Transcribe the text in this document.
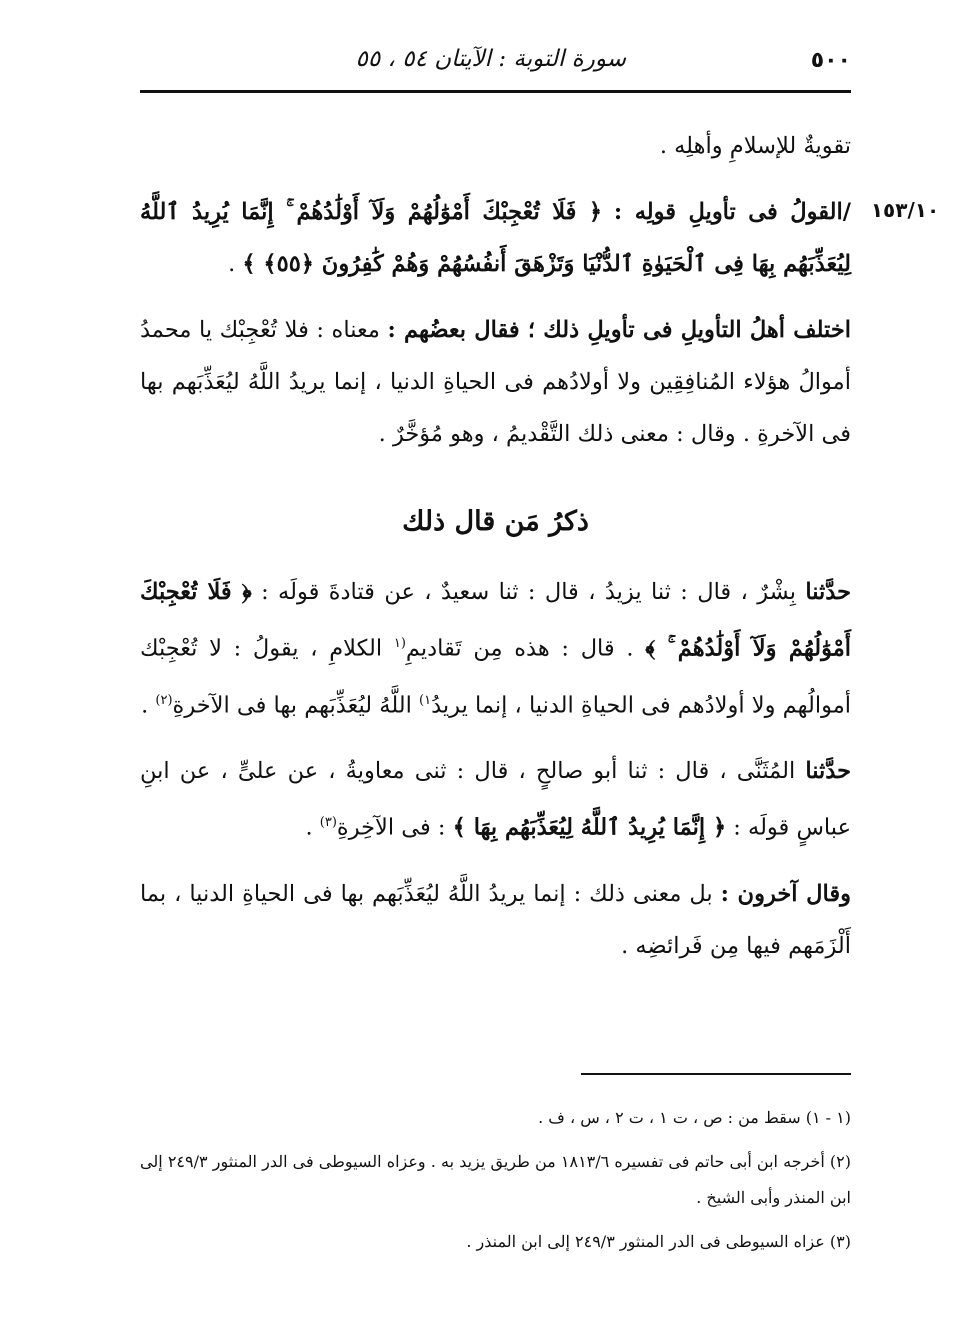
٥٠٠
سورة التوبة : الآيتان ٥٤ ، ٥٥
١٥٣/١٠

تقويةٌ للإسلامِ وأهلِه .

/القولُ فى تأويلِ قولِه : ﴿ فَلَا تُعْجِبْكَ أَمْوَٰلُهُمْ وَلَآ أَوْلَٰدُهُمْ ۚ إِنَّمَا يُرِيدُ ٱللَّهُ لِيُعَذِّبَهُم بِهَا فِى ٱلْحَيَوٰةِ ٱلدُّنْيَا وَتَزْهَقَ أَنفُسُهُمْ وَهُمْ كَٰفِرُونَ ﴿٥٥﴾ ﴾ .

اختلف أهلُ التأويلِ فى تأويلِ ذلك ؛ فقال بعضُهم : معناه : فلا تُعْجِبْك يا محمدُ أموالُ هؤلاء المُنافِقِين ولا أولادُهم فى الحياةِ الدنيا ، إنما يريدُ اللَّهُ ليُعَذِّبَهم بها فى الآخرةِ . وقال : معنى ذلك التَّقْديمُ ، وهو مُؤخَّرٌ .

ذكرُ مَن قال ذلك

حدَّثنا بِشْرٌ ، قال : ثنا يزيدُ ، قال : ثنا سعيدٌ ، عن قتادةَ قولَه : ﴿ فَلَا تُعْجِبْكَ أَمْوَٰلُهُمْ وَلَآ أَوْلَٰدُهُمْ ۚ ﴾ . قال : هذه مِن تَقاديمِ$^{(١}$ الكلامِ ، يقولُ : لا تُعْجِبْك أموالُهم ولا أولادُهم فى الحياةِ الدنيا ، إنما يريدُ$^{١)}$ اللَّهُ ليُعَذِّبَهم بها فى الآخرةِ$^{(٢)}$ .

حدَّثنا المُثَنَّى ، قال : ثنا أبو صالحٍ ، قال : ثنى معاويةُ ، عن علىٍّ ، عن ابنِ عباسٍ قولَه : ﴿ إِنَّمَا يُرِيدُ ٱللَّهُ لِيُعَذِّبَهُم بِهَا ﴾ : فى الآخِرةِ$^{(٣)}$ .

وقال آخرون : بل معنى ذلك : إنما يريدُ اللَّهُ ليُعَذِّبَهم بها فى الحياةِ الدنيا ، بما أَلْزَمَهم فيها مِن فَرائضِه .

(١ - ١) سقط من : ص ، ت ١ ، ت ٢ ، س ، ف .

(٢) أخرجه ابن أبى حاتم فى تفسيره ١٨١٣/٦ من طريق يزيد به . وعزاه السيوطى فى الدر المنثور ٢٤٩/٣ إلى ابن المنذر وأبى الشيخ .

(٣) عزاه السيوطى فى الدر المنثور ٢٤٩/٣ إلى ابن المنذر .
